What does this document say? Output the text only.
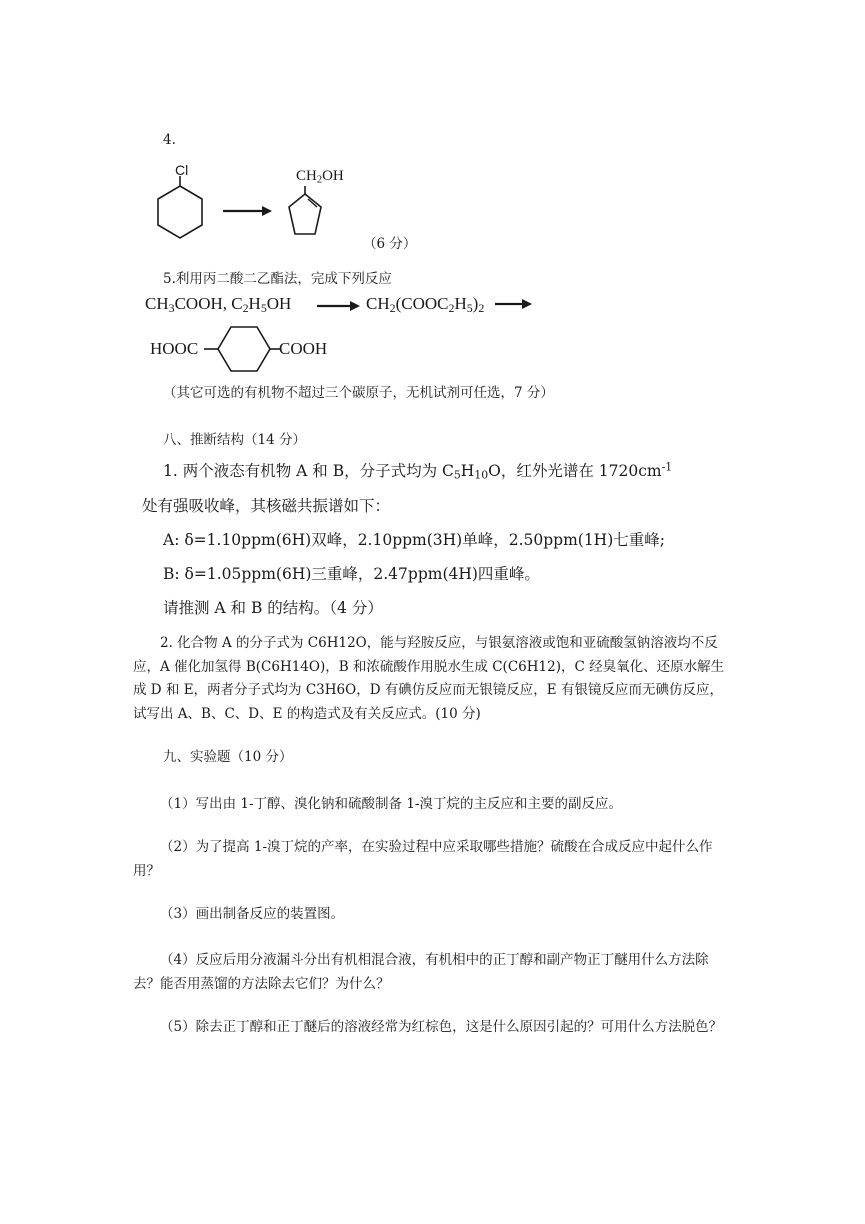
4.
Cl	$CH_2OH$
（6 分）
5.利用丙二酸二乙酯法，完成下列反应
$CH_3COOH$, $C_2H_5OH$	$CH_2(COOC_2H_5)_2$
HOOC	COOH
（其它可选的有机物不超过三个碳原子，无机试剂可任选，7 分）
八、推断结构（14 分）
1. 两个液态有机物 A 和 B，分子式均为 $C_5H_{10}O$，红外光谱在 $1720cm^{-1}$
处有强吸收峰，其核磁共振谱如下：
A: δ=1.10ppm(6H)双峰，2.10ppm(3H)单峰，2.50ppm(1H)七重峰;
B: δ=1.05ppm(6H)三重峰，2.47ppm(4H)四重峰。
请推测 A 和 B 的结构。（4 分）
2. 化合物 A 的分子式为 C6H12O，能与羟胺反应，与银氨溶液或饱和亚硫酸氢钠溶液均不反应，A 催化加氢得 B(C6H14O)，B 和浓硫酸作用脱水生成 C(C6H12)，C 经臭氧化、还原水解生成 D 和 E，两者分子式均为 C3H6O，D 有碘仿反应而无银镜反应，E 有银镜反应而无碘仿反应，试写出 A、B、C、D、E 的构造式及有关反应式。(10 分)
九、实验题（10 分）
（1）写出由 1-丁醇、溴化钠和硫酸制备 1-溴丁烷的主反应和主要的副反应。
（2）为了提高 1-溴丁烷的产率，在实验过程中应采取哪些措施？硫酸在合成反应中起什么作用？
（3）画出制备反应的装置图。
（4）反应后用分液漏斗分出有机相混合液，有机相中的正丁醇和副产物正丁醚用什么方法除去？能否用蒸馏的方法除去它们？为什么？
（5）除去正丁醇和正丁醚后的溶液经常为红棕色，这是什么原因引起的？可用什么方法脱色？
